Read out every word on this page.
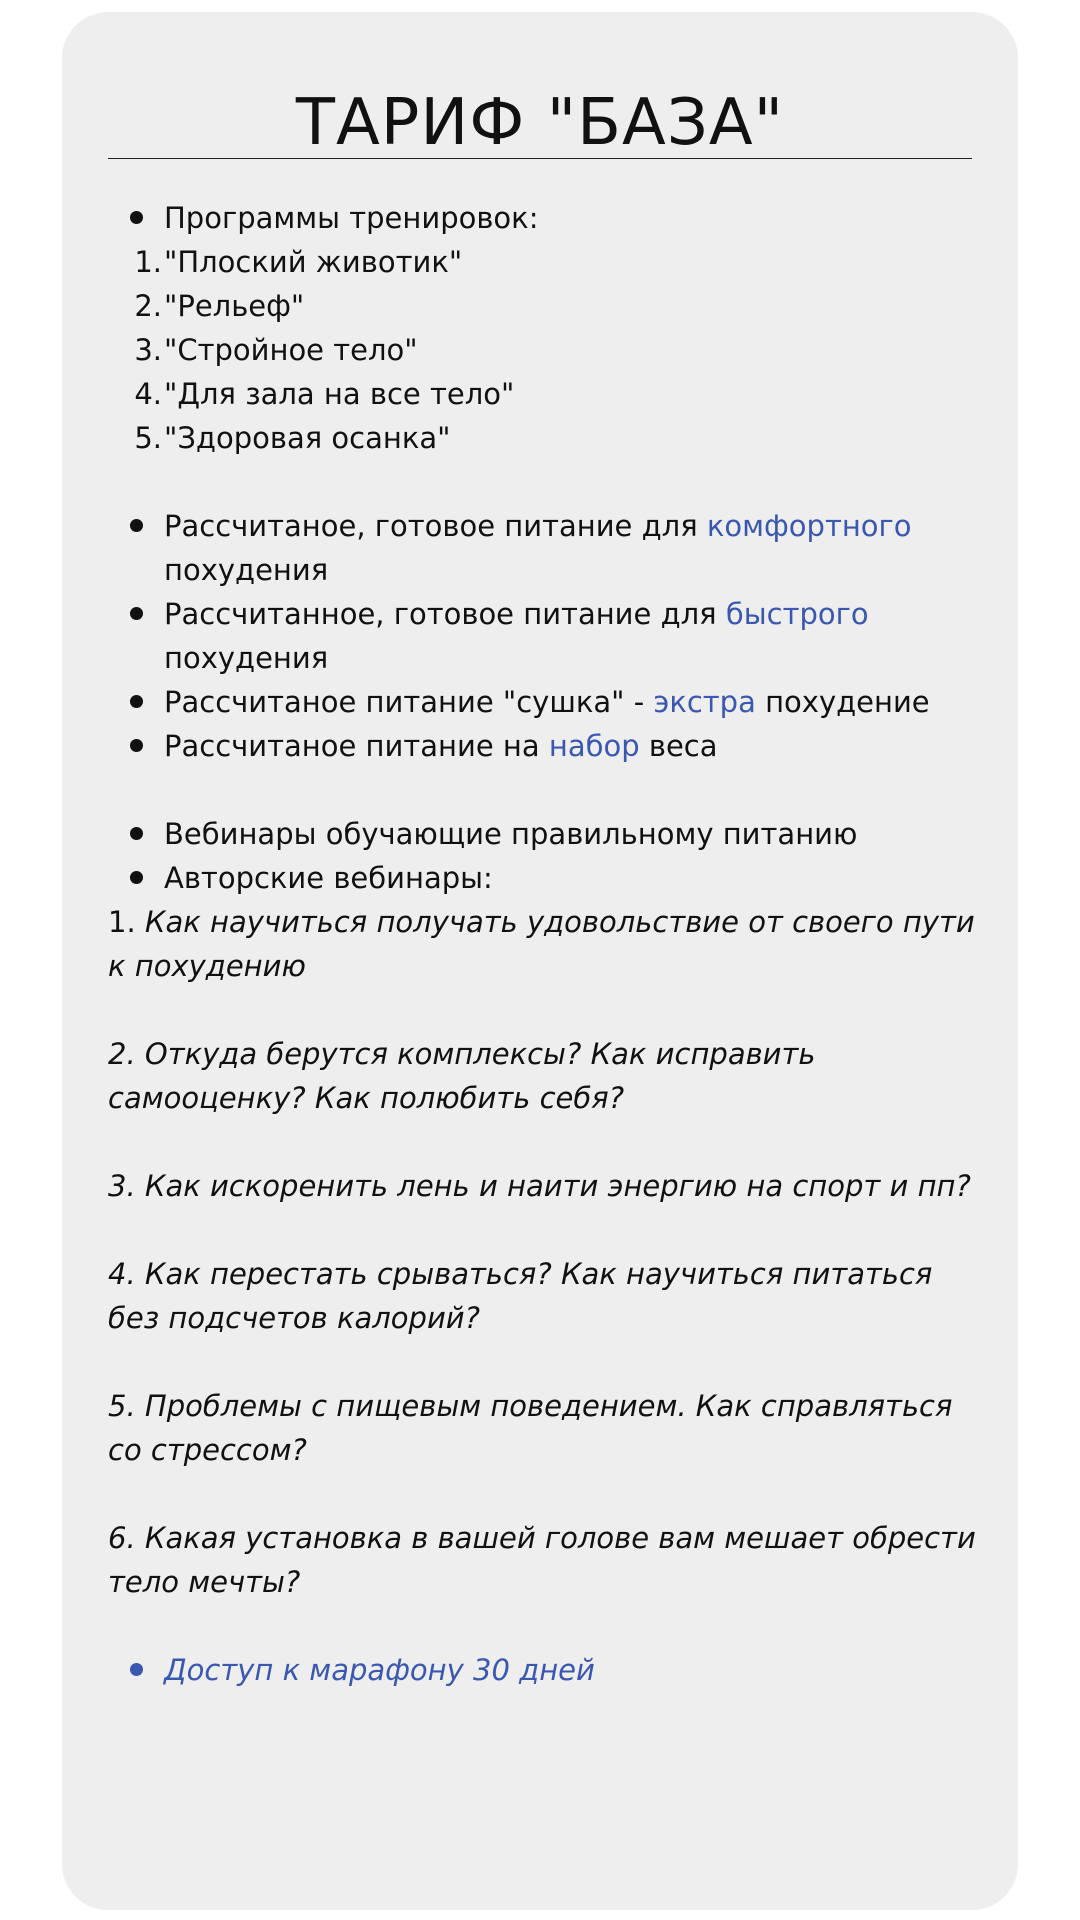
ТАРИФ "БАЗА"

Программы тренировок:

1. "Плоский животик"

2. "Рельеф"

3. "Стройное тело"

4. "Для зала на все тело"

5. "Здоровая осанка"

Рассчитаное, готовое питание для комфортного похудения

Рассчитанное, готовое питание для быстрого похудения

Рассчитаное питание "сушка" - экстра похудение

Рассчитаное питание на набор веса

Вебинары обучающие правильному питанию

Авторские вебинары:

1. Как научиться получать удовольствие от своего пути к похудению

2. Откуда берутся комплексы? Как исправить самооценку? Как полюбить себя?

3. Как искоренить лень и наити энергию на спорт и пп?

4. Как перестать срываться? Как научиться питаться без подсчетов калорий?

5. Проблемы с пищевым поведением. Как справляться со стрессом?

6. Какая установка в вашей голове вам мешает обрести тело мечты?

Доступ к марафону 30 дней
